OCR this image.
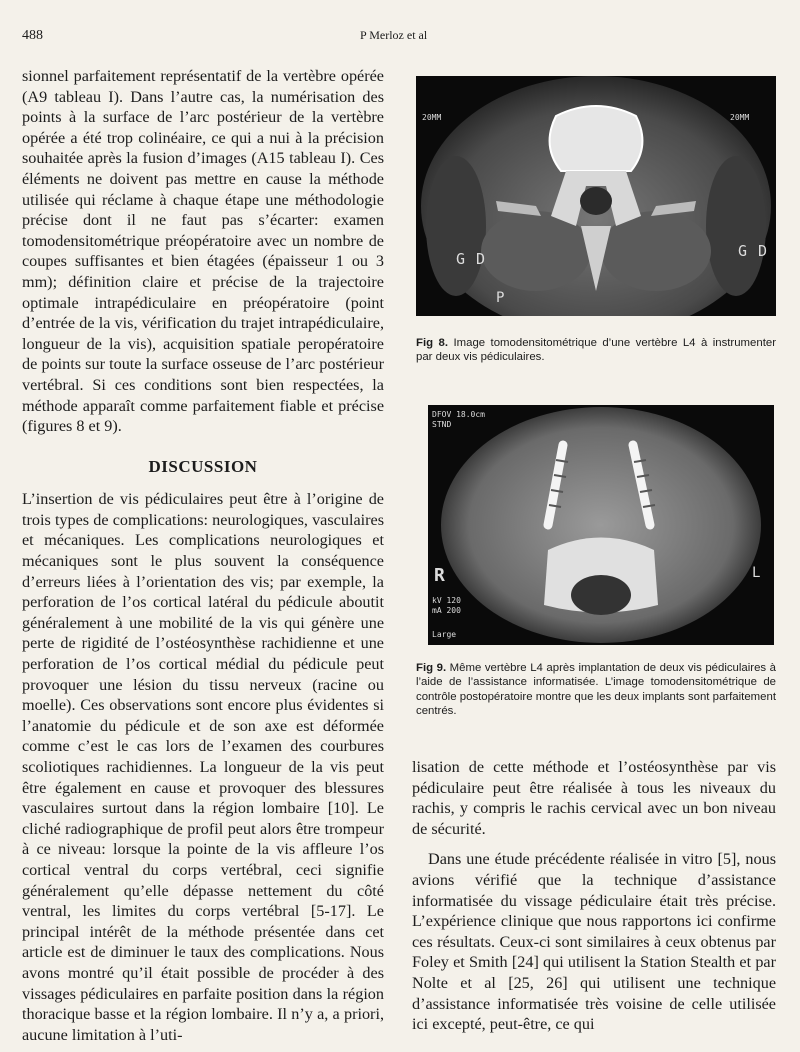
488	P Merloz et al

sionnel parfaitement représentatif de la vertèbre opérée (A9 tableau I). Dans l’autre cas, la numérisation des points à la surface de l’arc postérieur de la vertèbre opérée a été trop colinéaire, ce qui a nui à la précision souhaitée après la fusion d’images (A15 tableau I). Ces éléments ne doivent pas mettre en cause la méthode utilisée qui réclame à chaque étape une méthodologie précise dont il ne faut pas s’écarter: examen tomodensitométrique préopératoire avec un nombre de coupes suffisantes et bien étagées (épaisseur 1 ou 3 mm); définition claire et précise de la trajectoire optimale intrapédiculaire en préopératoire (point d’entrée de la vis, vérification du trajet intrapédiculaire, longueur de la vis), acquisition spatiale peropératoire de points sur toute la surface osseuse de l’arc postérieur vertébral. Si ces conditions sont bien respectées, la méthode apparaît comme parfaitement fiable et précise (figures 8 et 9).

DISCUSSION

L’insertion de vis pédiculaires peut être à l’origine de trois types de complications: neurologiques, vasculaires et mécaniques. Les complications neurologiques et mécaniques sont le plus souvent la conséquence d’erreurs liées à l’orientation des vis; par exemple, la perforation de l’os cortical latéral du pédicule aboutit généralement à une mobilité de la vis qui génère une perte de rigidité de l’ostéosynthèse rachidienne et une perforation de l’os cortical médial du pédicule peut provoquer une lésion du tissu nerveux (racine ou moelle). Ces observations sont encore plus évidentes si l’anatomie du pédicule et de son axe est déformée comme c’est le cas lors de l’examen des courbures scoliotiques rachidiennes. La longueur de la vis peut être également en cause et provoquer des blessures vasculaires surtout dans la région lombaire [10]. Le cliché radiographique de profil peut alors être trompeur à ce niveau: lorsque la pointe de la vis affleure l’os cortical ventral du corps vertébral, ceci signifie généralement qu’elle dépasse nettement du côté ventral, les limites du corps vertébral [5-17]. Le principal intérêt de la méthode présentée dans cet article est de diminuer le taux des complications. Nous avons montré qu’il était possible de procéder à des vissages pédiculaires en parfaite position dans la région thoracique basse et la région lombaire. Il n’y a, a priori, aucune limitation à l’uti-

20MM	20MM
G D	G D
P
Fig 8. Image tomodensitométrique d’une vertèbre L4 à instrumenter par deux vis pédiculaires.
DFOV 18.0cm
STND
R	L
kV 120
mA 200
Large
Fig 9. Même vertèbre L4 après implantation de deux vis pédiculaires à l’aide de l’assistance informatisée. L’image tomodensitométrique de contrôle postopératoire montre que les deux implants sont parfaitement centrés.

lisation de cette méthode et l’ostéosynthèse par vis pédiculaire peut être réalisée à tous les niveaux du rachis, y compris le rachis cervical avec un bon niveau de sécurité.

Dans une étude précédente réalisée in vitro [5], nous avions vérifié que la technique d’assistance informatisée du vissage pédiculaire était très précise. L’expérience clinique que nous rapportons ici confirme ces résultats. Ceux-ci sont similaires à ceux obtenus par Foley et Smith [24] qui utilisent la Station Stealth et par Nolte et al [25, 26] qui utilisent une technique d’assistance informatisée très voisine de celle utilisée ici excepté, peut-être, ce qui
